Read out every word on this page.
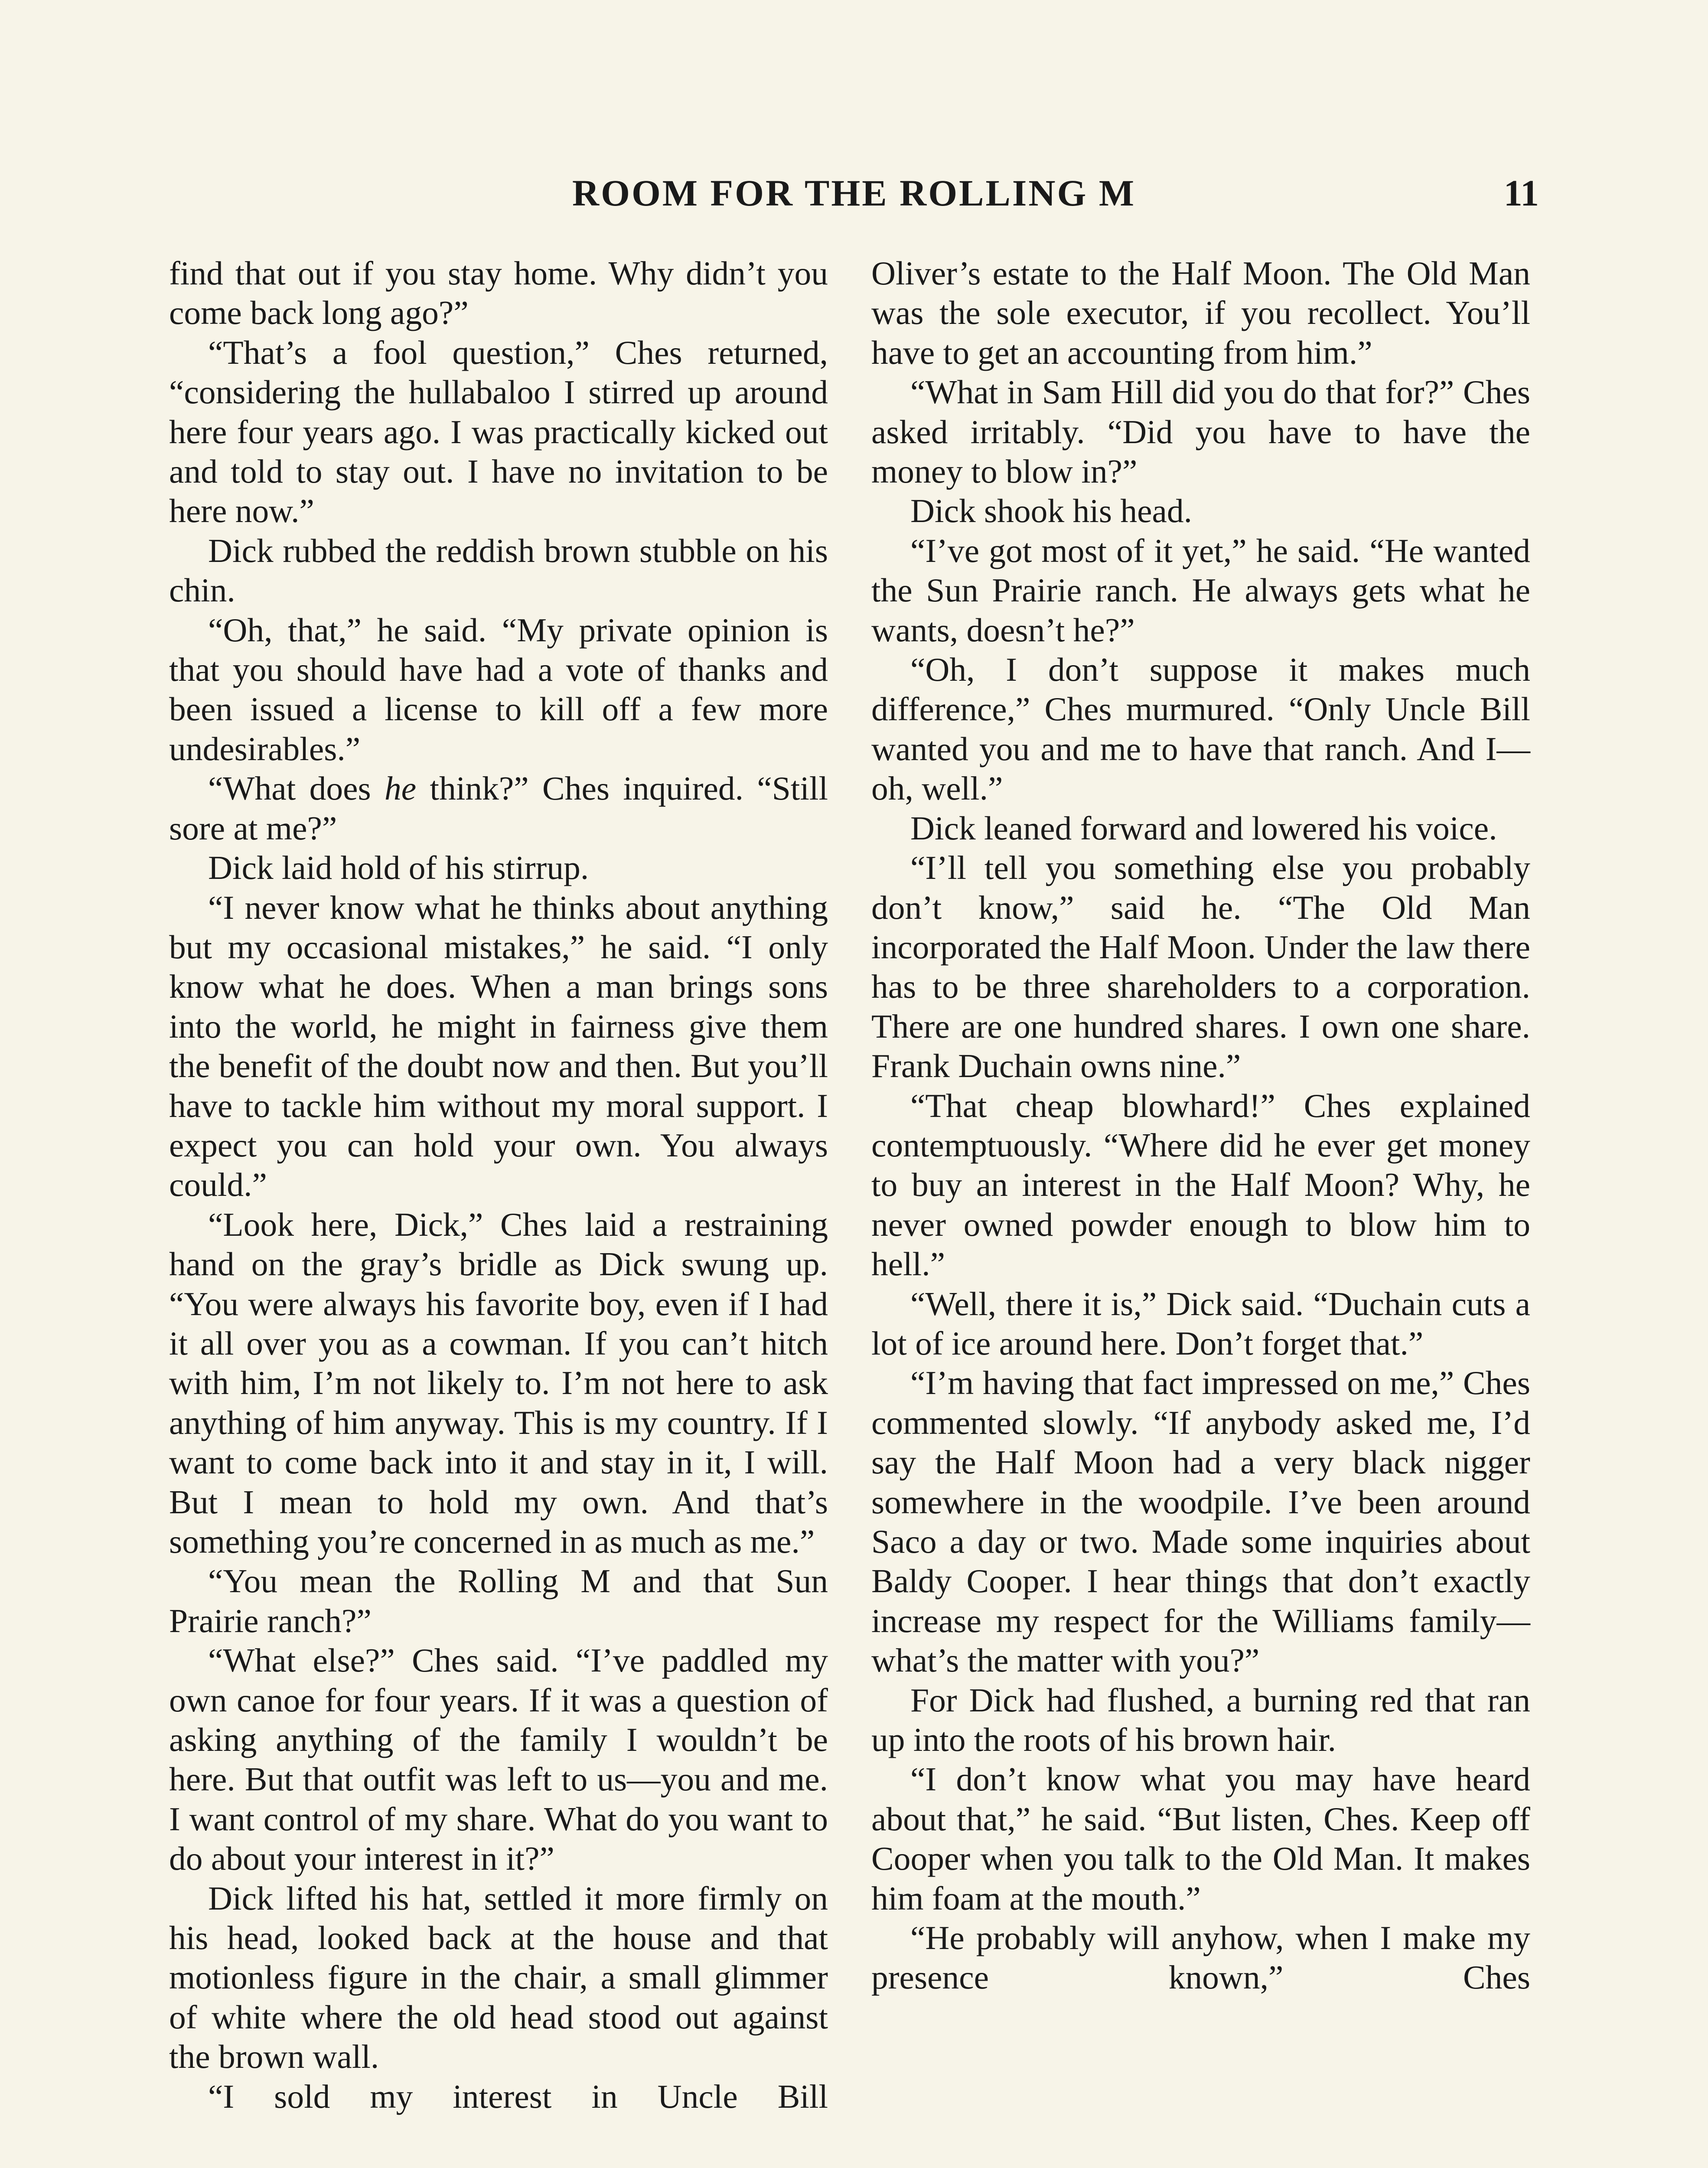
ROOM FOR THE ROLLING M	11

find that out if you stay home. Why didn’t you come back long ago?”

“That’s a fool question,” Ches returned, “considering the hullabaloo I stirred up around here four years ago. I was practically kicked out and told to stay out. I have no invitation to be here now.”

Dick rubbed the reddish brown stubble on his chin.

“Oh, that,” he said. “My private opinion is that you should have had a vote of thanks and been issued a license to kill off a few more undesirables.”

“What does he think?” Ches inquired. “Still sore at me?”

Dick laid hold of his stirrup.

“I never know what he thinks about anything but my occasional mistakes,” he said. “I only know what he does. When a man brings sons into the world, he might in fairness give them the benefit of the doubt now and then. But you’ll have to tackle him without my moral support. I expect you can hold your own. You always could.”

“Look here, Dick,” Ches laid a restraining hand on the gray’s bridle as Dick swung up. “You were always his favorite boy, even if I had it all over you as a cowman. If you can’t hitch with him, I’m not likely to. I’m not here to ask anything of him anyway. This is my country. If I want to come back into it and stay in it, I will. But I mean to hold my own. And that’s something you’re concerned in as much as me.”

“You mean the Rolling M and that Sun Prairie ranch?”

“What else?” Ches said. “I’ve paddled my own canoe for four years. If it was a question of asking anything of the family I wouldn’t be here. But that outfit was left to us—you and me. I want control of my share. What do you want to do about your interest in it?”

Dick lifted his hat, settled it more firmly on his head, looked back at the house and that motionless figure in the chair, a small glimmer of white where the old head stood out against the brown wall.

“I sold my interest in Uncle Bill

Oliver’s estate to the Half Moon. The Old Man was the sole executor, if you recollect. You’ll have to get an accounting from him.”

“What in Sam Hill did you do that for?” Ches asked irritably. “Did you have to have the money to blow in?”

Dick shook his head.

“I’ve got most of it yet,” he said. “He wanted the Sun Prairie ranch. He always gets what he wants, doesn’t he?”

“Oh, I don’t suppose it makes much difference,” Ches murmured. “Only Uncle Bill wanted you and me to have that ranch. And I—oh, well.”

Dick leaned forward and lowered his voice.

“I’ll tell you something else you probably don’t know,” said he. “The Old Man incorporated the Half Moon. Under the law there has to be three shareholders to a corporation. There are one hundred shares. I own one share. Frank Duchain owns nine.”

“That cheap blowhard!” Ches explained contemptuously. “Where did he ever get money to buy an interest in the Half Moon? Why, he never owned powder enough to blow him to hell.”

“Well, there it is,” Dick said. “Duchain cuts a lot of ice around here. Don’t forget that.”

“I’m having that fact impressed on me,” Ches commented slowly. “If anybody asked me, I’d say the Half Moon had a very black nigger somewhere in the woodpile. I’ve been around Saco a day or two. Made some inquiries about Baldy Cooper. I hear things that don’t exactly increase my respect for the Williams family—what’s the matter with you?”

For Dick had flushed, a burning red that ran up into the roots of his brown hair.

“I don’t know what you may have heard about that,” he said. “But listen, Ches. Keep off Cooper when you talk to the Old Man. It makes him foam at the mouth.”

“He probably will anyhow, when I make my presence known,” Ches
